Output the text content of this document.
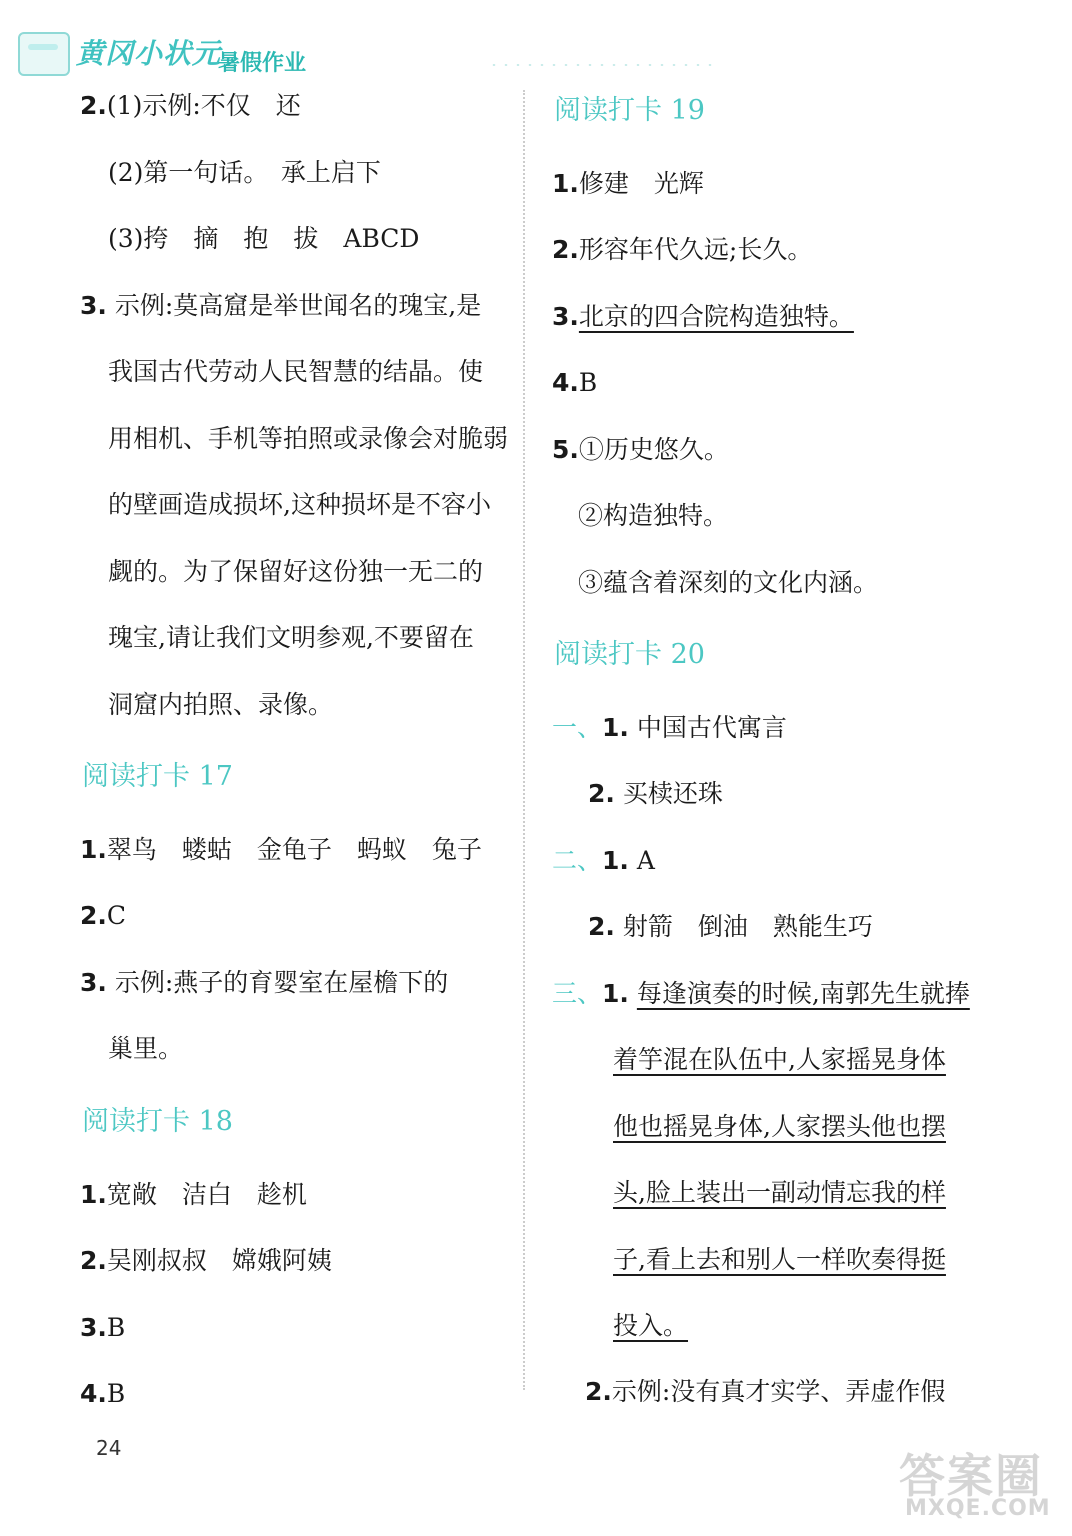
黄冈小状元
暑假作业
2.(1)示例:不仅　还
(2)第一句话。　承上启下
(3)挎　摘　抱　拔　ABCD
3. 示例:莫高窟是举世闻名的瑰宝,是
我国古代劳动人民智慧的结晶。使
用相机、手机等拍照或录像会对脆弱
的壁画造成损坏,这种损坏是不容小
觑的。为了保留好这份独一无二的
瑰宝,请让我们文明参观,不要留在
洞窟内拍照、录像。
阅读打卡 17
1.翠鸟　蝼蛄　金龟子　蚂蚁　兔子
2.C
3. 示例:燕子的育婴室在屋檐下的
巢里。
阅读打卡 18
1.宽敞　洁白　趁机
2.吴刚叔叔　嫦娥阿姨
3.B
4.B
阅读打卡 19
1.修建　光辉
2.形容年代久远;长久。
3.北京的四合院构造独特。
4.B
5.①历史悠久。
②构造独特。
③蕴含着深刻的文化内涵。
阅读打卡 20
一、1. 中国古代寓言
2. 买椟还珠
二、1. A
2. 射箭　倒油　熟能生巧
三、1. 每逢演奏的时候,南郭先生就捧
着竽混在队伍中,人家摇晃身体
他也摇晃身体,人家摆头他也摆
头,脸上装出一副动情忘我的样
子,看上去和别人一样吹奏得挺
投入。
2.示例:没有真才实学、弄虚作假
24
答案圈
MXQE.COM
